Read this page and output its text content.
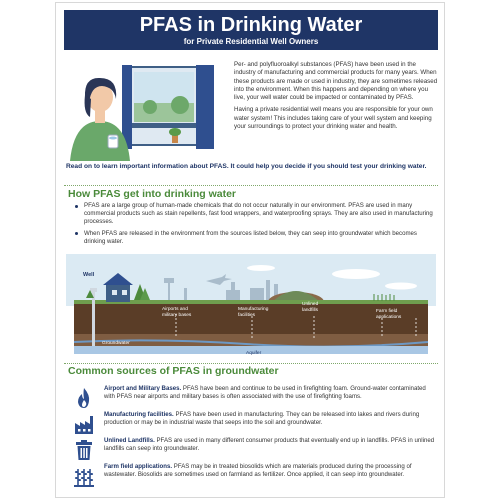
PFAS in Drinking Water
for Private Residential Well Owners

Per- and polyfluoroalkyl substances (PFAS) have been used in the industry of manufacturing and commercial products for many years. When these products are made or used in industry, they are sometimes released into the environment. When this happens and depending on where you live, your well water could be impacted or contaminated by PFAS.

Having a private residential well means you are responsible for your own water system! This includes taking care of your well system and keeping your surroundings to protect your drinking water and health.

Read on to learn important information about PFAS. It could help you decide if you should test your drinking water.
How PFAS get into drinking water
PFAS are a large group of human-made chemicals that do not occur naturally in our environment. PFAS are used in many commercial products such as stain repellents, fast food wrappers, and waterproofing sprays. They are also used in manufacturing processes.
When PFAS are released in the environment from the sources listed below, they can seep into groundwater which becomes drinking water.
Well
Airports and
military bases
Manufacturing
facilities
Unlined
landfills	Farm field
applications
Groundwater
Aquifer
Common sources of PFAS in groundwater
Airport and Military Bases. PFAS have been and continue to be used in firefighting foam. Ground-water contaminated with PFAS near airports and military bases is often associated with the use of firefighting foams.
Manufacturing facilities. PFAS have been used in manufacturing. They can be released into lakes and rivers during production or may be in industrial waste that seeps into the soil and groundwater.
Unlined Landfills. PFAS are used in many different consumer products that eventually end up in landfills. PFAS in unlined landfills can seep into groundwater.
Farm field applications. PFAS may be in treated biosolids which are materials produced during the processing of wastewater. Biosolids are sometimes used on farmland as fertilizer. Once applied, it can seep into groundwater.
